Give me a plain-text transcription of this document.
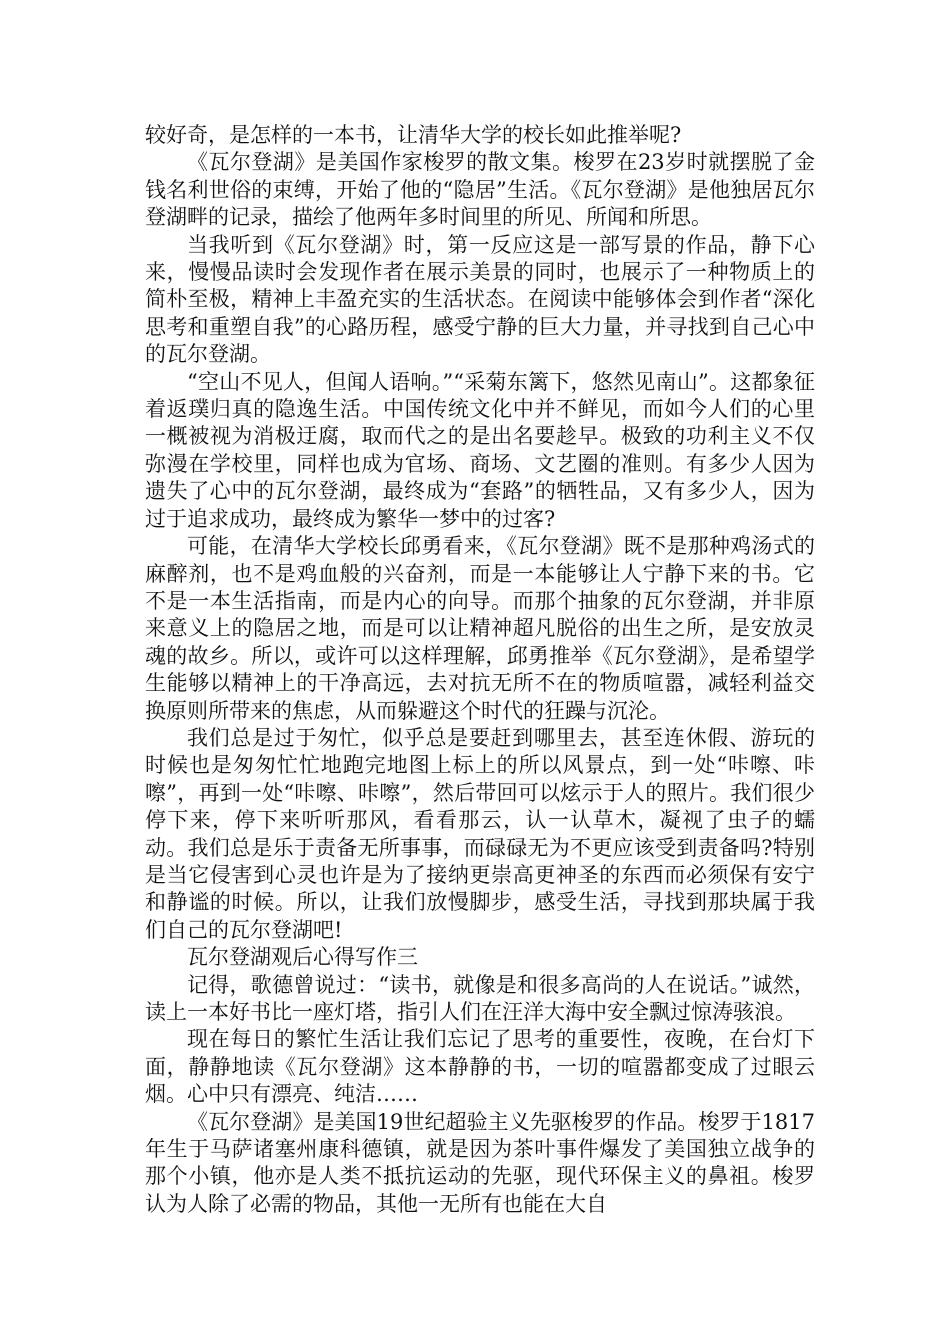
较好奇，是怎样的一本书，让清华大学的校长如此推举呢?

《瓦尔登湖》是美国作家梭罗的散文集。梭罗在23岁时就摆脱了金钱名利世俗的束缚，开始了他的“隐居”生活。《瓦尔登湖》是他独居瓦尔登湖畔的记录，描绘了他两年多时间里的所见、所闻和所思。

当我听到《瓦尔登湖》时，第一反应这是一部写景的作品，静下心来，慢慢品读时会发现作者在展示美景的同时，也展示了一种物质上的简朴至极，精神上丰盈充实的生活状态。在阅读中能够体会到作者“深化思考和重塑自我”的心路历程，感受宁静的巨大力量，并寻找到自己心中的瓦尔登湖。

“空山不见人，但闻人语响。”“采菊东篱下，悠然见南山”。这都象征着返璞归真的隐逸生活。中国传统文化中并不鲜见，而如今人们的心里一概被视为消极迂腐，取而代之的是出名要趁早。极致的功利主义不仅弥漫在学校里，同样也成为官场、商场、文艺圈的准则。有多少人因为遗失了心中的瓦尔登湖，最终成为“套路”的牺牲品，又有多少人，因为过于追求成功，最终成为繁华一梦中的过客?

可能，在清华大学校长邱勇看来，《瓦尔登湖》既不是那种鸡汤式的麻醉剂，也不是鸡血般的兴奋剂，而是一本能够让人宁静下来的书。它不是一本生活指南，而是内心的向导。而那个抽象的瓦尔登湖，并非原来意义上的隐居之地，而是可以让精神超凡脱俗的出生之所，是安放灵魂的故乡。所以，或许可以这样理解，邱勇推举《瓦尔登湖》，是希望学生能够以精神上的干净高远，去对抗无所不在的物质喧嚣，减轻利益交换原则所带来的焦虑，从而躲避这个时代的狂躁与沉沦。

我们总是过于匆忙，似乎总是要赶到哪里去，甚至连休假、游玩的时候也是匆匆忙忙地跑完地图上标上的所以风景点，到一处“咔嚓、咔嚓”，再到一处“咔嚓、咔嚓”，然后带回可以炫示于人的照片。我们很少停下来，停下来听听那风，看看那云，认一认草木，凝视了虫子的蠕动。我们总是乐于责备无所事事，而碌碌无为不更应该受到责备吗?特别是当它侵害到心灵也许是为了接纳更崇高更神圣的东西而必须保有安宁和静谧的时候。所以，让我们放慢脚步，感受生活，寻找到那块属于我们自己的瓦尔登湖吧!

瓦尔登湖观后心得写作三

记得，歌德曾说过：“读书，就像是和很多高尚的人在说话。”诚然，读上一本好书比一座灯塔，指引人们在汪洋大海中安全飘过惊涛骇浪。

现在每日的繁忙生活让我们忘记了思考的重要性，夜晚，在台灯下面，静静地读《瓦尔登湖》这本静静的书，一切的喧嚣都变成了过眼云烟。心中只有漂亮、纯洁……

《瓦尔登湖》是美国19世纪超验主义先驱梭罗的作品。梭罗于1817年生于马萨诸塞州康科德镇，就是因为茶叶事件爆发了美国独立战争的那个小镇，他亦是人类不抵抗运动的先驱，现代环保主义的鼻祖。梭罗认为人除了必需的物品，其他一无所有也能在大自
